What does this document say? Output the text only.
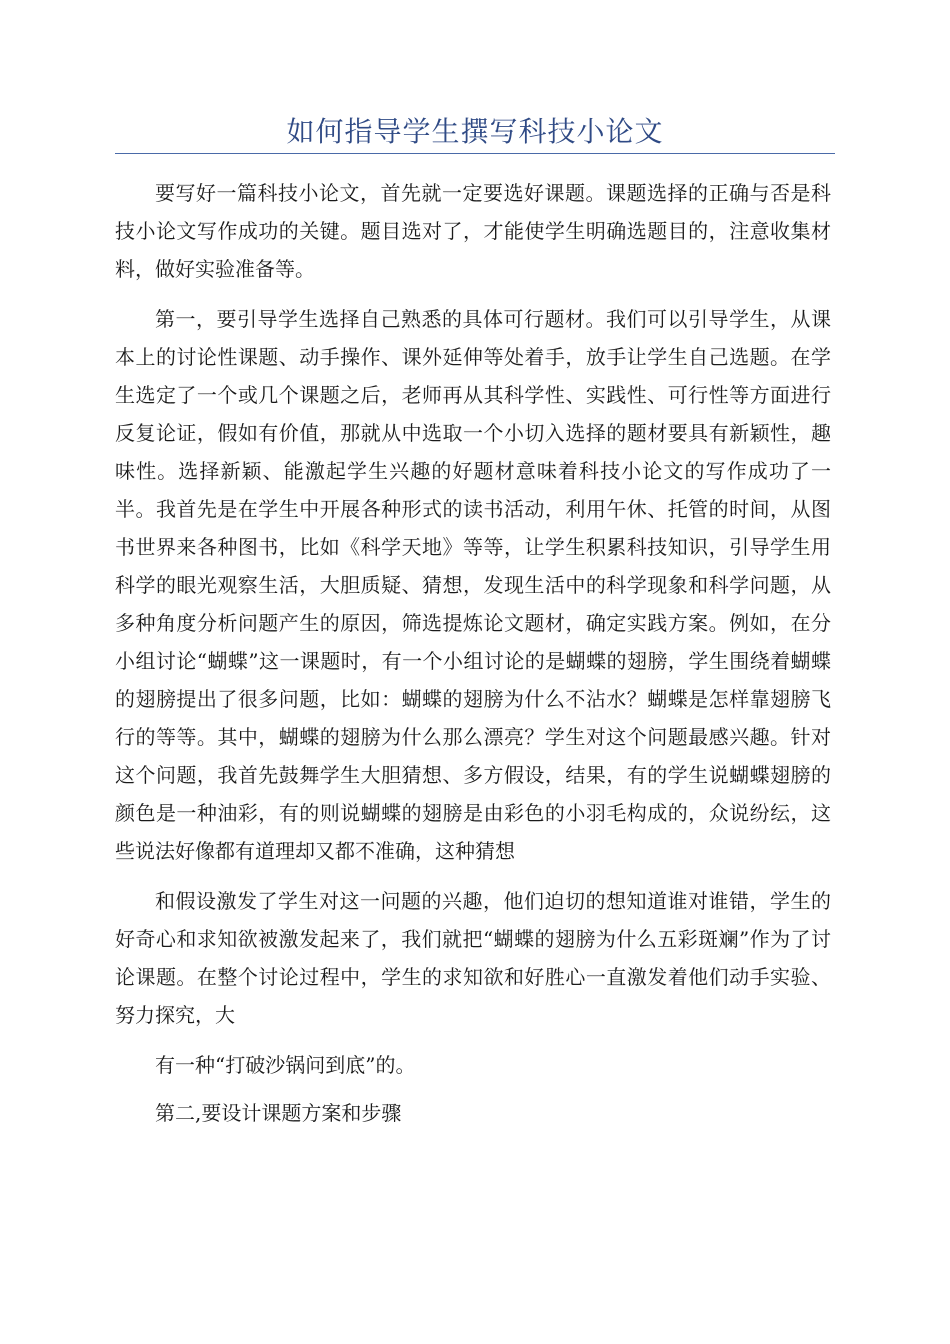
如何指导学生撰写科技小论文

要写好一篇科技小论文，首先就一定要选好课题。课题选择的正确与否是科技小论文写作成功的关键。题目选对了，才能使学生明确选题目的，注意收集材料，做好实验准备等。

第一，要引导学生选择自己熟悉的具体可行题材。我们可以引导学生，从课本上的讨论性课题、动手操作、课外延伸等处着手，放手让学生自己选题。在学生选定了一个或几个课题之后，老师再从其科学性、实践性、可行性等方面进行反复论证，假如有价值，那就从中选取一个小切入选择的题材要具有新颖性，趣味性。选择新颖、能激起学生兴趣的好题材意味着科技小论文的写作成功了一半。我首先是在学生中开展各种形式的读书活动，利用午休、托管的时间，从图书世界来各种图书，比如《科学天地》等等，让学生积累科技知识，引导学生用科学的眼光观察生活，大胆质疑、猜想，发现生活中的科学现象和科学问题，从多种角度分析问题产生的原因，筛选提炼论文题材，确定实践方案。例如，在分小组讨论“蝴蝶”这一课题时，有一个小组讨论的是蝴蝶的翅膀，学生围绕着蝴蝶的翅膀提出了很多问题，比如：蝴蝶的翅膀为什么不沾水？蝴蝶是怎样靠翅膀飞行的等等。其中，蝴蝶的翅膀为什么那么漂亮？学生对这个问题最感兴趣。针对这个问题，我首先鼓舞学生大胆猜想、多方假设，结果，有的学生说蝴蝶翅膀的颜色是一种油彩，有的则说蝴蝶的翅膀是由彩色的小羽毛构成的，众说纷纭，这些说法好像都有道理却又都不准确，这种猜想

和假设激发了学生对这一问题的兴趣，他们迫切的想知道谁对谁错，学生的好奇心和求知欲被激发起来了，我们就把“蝴蝶的翅膀为什么五彩斑斓”作为了讨论课题。在整个讨论过程中，学生的求知欲和好胜心一直激发着他们动手实验、努力探究，大

有一种“打破沙锅问到底”的。

第二,要设计课题方案和步骤
